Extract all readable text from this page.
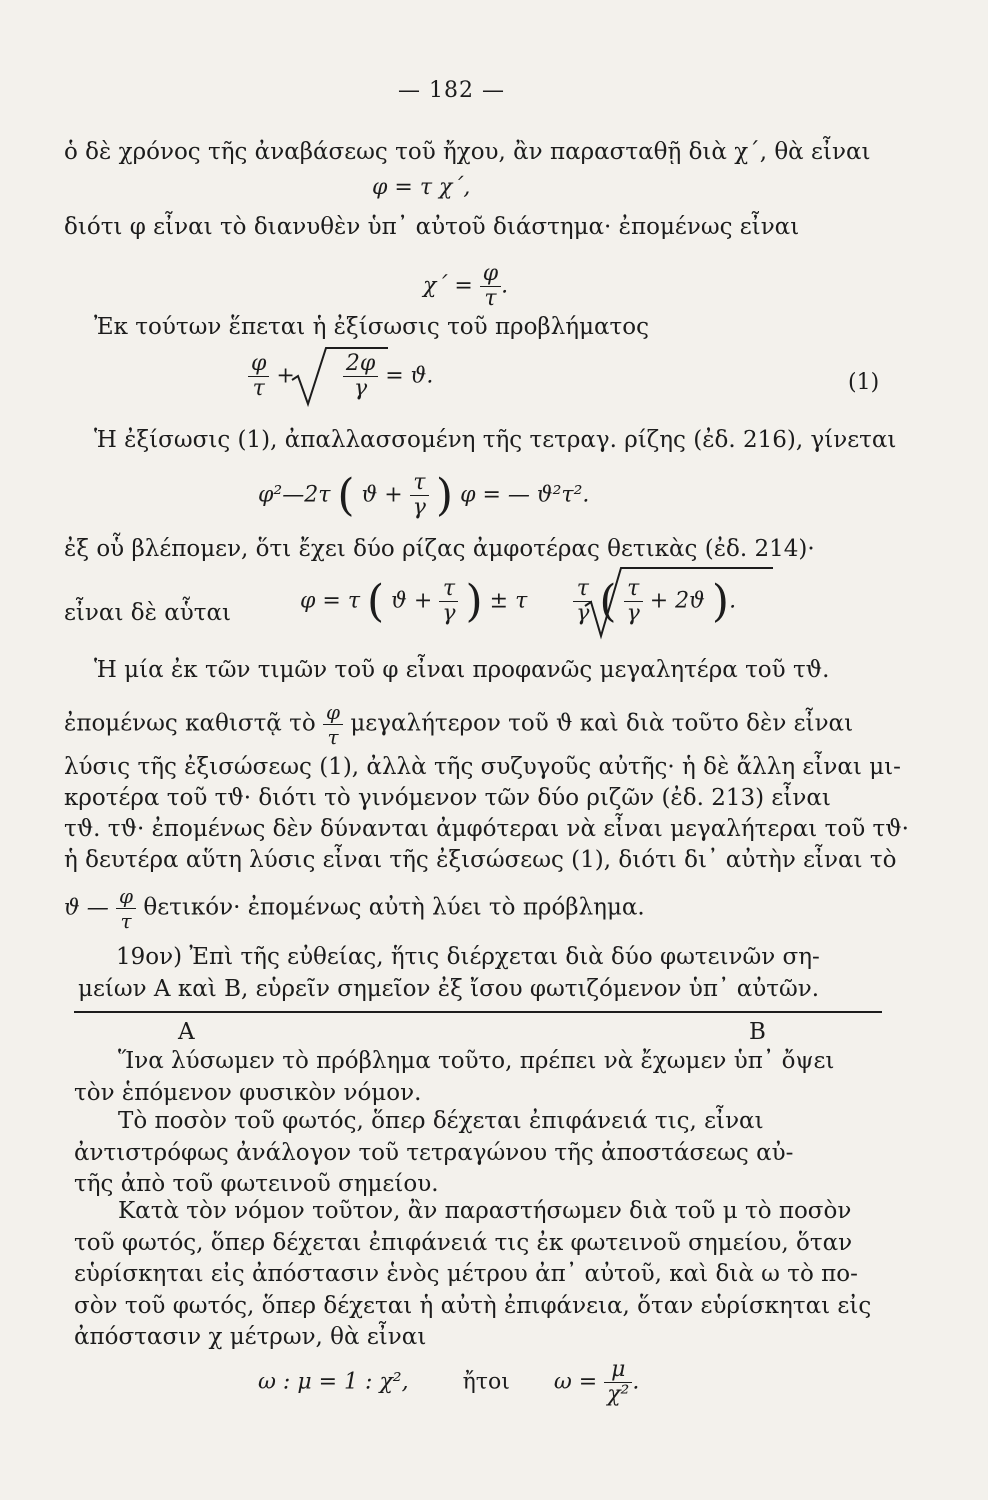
— 182 —
ὁ δὲ χρόνος τῆς ἀναβάσεως τοῦ ἤχου, ἂν παρασταθῇ διὰ χ΄, θὰ εἶναι
φ = τ χ΄,
διότι φ εἶναι τὸ διανυθὲν ὑπ᾽ αὐτοῦ διάστημα· ἐπομένως εἶναι
$\chi΄ = \frac{\varphi}{\tau}$ .
Ἐκ τούτων ἕπεται ἡ ἐξίσωσις τοῦ προβλήματος
$\frac{\varphi}{\tau} + \frac{2\varphi}{\gamma} = ϑ$.	(1)
Ἡ ἐξίσωσις (1), ἀπαλλασσομένη τῆς τετραγ. ρίζης (ἐδ. 216), γίνεται
φ²—2τ ( $ϑ + \frac{\tau}{\gamma}$ ) φ = — ϑ²τ².
ἐξ οὗ βλέπομεν, ὅτι ἔχει δύο ρίζας ἀμφοτέρας θετικὰς (ἐδ. 214)·
εἶναι δὲ αὗται	φ = τ ( $ϑ + \frac{\tau}{\gamma}$ ) ± τ $\frac{\tau}{\gamma}$ ( $\frac{\tau}{\gamma} + 2ϑ$ ).
Ἡ μία ἐκ τῶν τιμῶν τοῦ φ εἶναι προφανῶς μεγαλητέρα τοῦ τϑ.
ἐπομένως καθιστᾷ τὸ $\frac{\varphi}{\tau}$ μεγαλήτερον τοῦ ϑ καὶ διὰ τοῦτο δὲν εἶναι
λύσις τῆς ἐξισώσεως (1), ἀλλὰ τῆς συζυγοῦς αὐτῆς· ἡ δὲ ἄλλη εἶναι μι-
κροτέρα τοῦ τϑ· διότι τὸ γινόμενον τῶν δύο ριζῶν (ἐδ. 213) εἶναι
τϑ. τϑ· ἐπομένως δὲν δύνανται ἀμφότεραι νὰ εἶναι μεγαλήτεραι τοῦ τϑ·
ἡ δευτέρα αὕτη λύσις εἶναι τῆς ἐξισώσεως (1), διότι δι᾽ αὐτὴν εἶναι τὸ
ϑ — $\frac{\varphi}{\tau} \theta\varepsilon\tau\iota\kappa ό\nu\cdot$ ἐπομένως αὐτὴ λύει τὸ πρόβλημα.
19ον) Ἐπὶ τῆς εὐθείας, ἥτις διέρχεται διὰ δύο φωτεινῶν ση-
μείων Α καὶ Β, εὑρεῖν σημεῖον ἐξ ἴσου φωτιζόμενον ὑπ᾽ αὐτῶν.
Α	Β
Ἵνα λύσωμεν τὸ πρόβλημα τοῦτο, πρέπει νὰ ἔχωμεν ὑπ᾽ ὄψει
τὸν ἑπόμενον φυσικὸν νόμον.
Τὸ ποσὸν τοῦ φωτός, ὅπερ δέχεται ἐπιφάνειά τις, εἶναι
ἀντιστρόφως ἀνάλογον τοῦ τετραγώνου τῆς ἀποστάσεως αὐ-
τῆς ἀπὸ τοῦ φωτεινοῦ σημείου.
Κατὰ τὸν νόμον τοῦτον, ἂν παραστήσωμεν διὰ τοῦ μ τὸ ποσὸν
τοῦ φωτός, ὅπερ δέχεται ἐπιφάνειά τις ἐκ φωτεινοῦ σημείου, ὅταν
εὑρίσκηται εἰς ἀπόστασιν ἑνὸς μέτρου ἀπ᾽ αὐτοῦ, καὶ διὰ ω τὸ πο-
σὸν τοῦ φωτός, ὅπερ δέχεται ἡ αὐτὴ ἐπιφάνεια, ὅταν εὑρίσκηται εἰς
ἀπόστασιν χ μέτρων, θὰ εἶναι
ω : μ = 1 : χ², ἤτοι $\omega = \frac{\mu}{\text{χ²}}$ .
